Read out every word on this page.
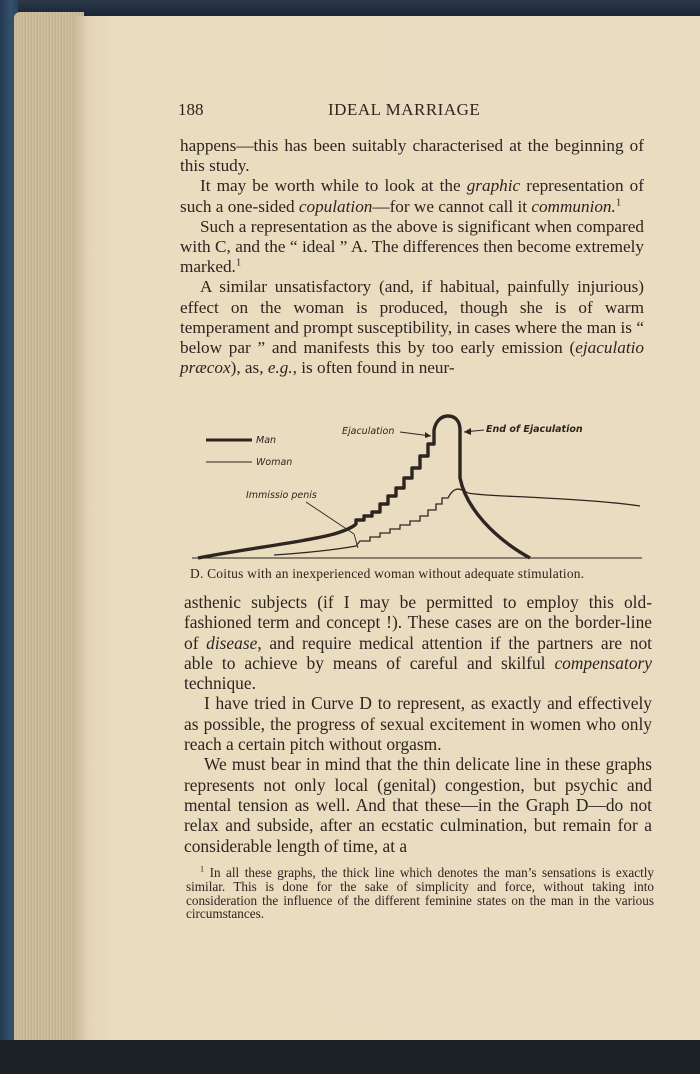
188	IDEAL MARRIAGE

happens—this has been suitably characterised at the beginning of this study.

It may be worth while to look at the graphic representation of such a one-sided copulation—for we cannot call it communion.$^1$

Such a representation as the above is significant when compared with C, and the “ ideal ” A. The differences then become extremely marked.$^1$

A similar unsatisfactory (and, if habitual, painfully injurious) effect on the woman is produced, though she is of warm temperament and prompt susceptibility, in cases where the man is “ below par ” and manifests this by too early emission (ejaculatio præcox), as, e.g., is often found in neur-

Man
Woman
Immissio penis
Ejaculation	End of Ejaculation
D. Coitus with an inexperienced woman without adequate stimulation.

asthenic subjects (if I may be permitted to employ this old-fashioned term and concept !). These cases are on the border-line of disease, and require medical attention if the partners are not able to achieve by means of careful and skilful compensatory technique.

I have tried in Curve D to represent, as exactly and effectively as possible, the progress of sexual excitement in women who only reach a certain pitch without orgasm.

We must bear in mind that the thin delicate line in these graphs represents not only local (genital) congestion, but psychic and mental tension as well. And that these—in the Graph D—do not relax and subside, after an ecstatic culmination, but remain for a considerable length of time, at a

$^1$ In all these graphs, the thick line which denotes the man’s sensations is exactly similar. This is done for the sake of simplicity and force, without taking into consideration the influence of the different feminine states on the man in the various circumstances.
